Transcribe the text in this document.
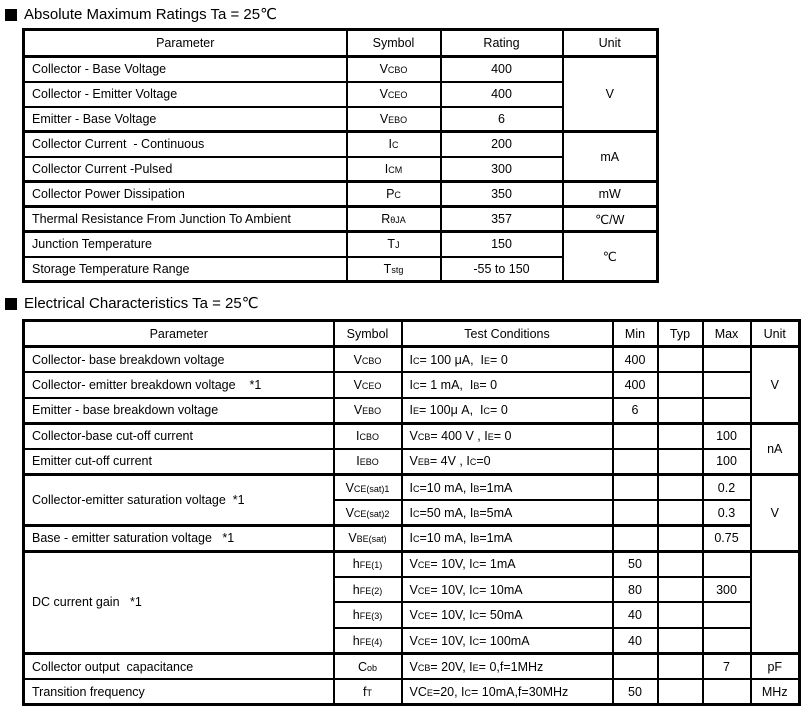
Absolute Maximum Ratings Ta = 25℃
Parameter	Symbol	Rating	Unit
Collector - Base Voltage	VCBO	400	V
Collector - Emitter Voltage	VCEO	400	
Emitter - Base Voltage	VEBO	6	
Collector Current  - Continuous	IC	200	mA
Collector Current -Pulsed	ICM	300	
Collector Power Dissipation	PC	350	mW
Thermal Resistance From Junction To Ambient	RθJA	357	℃/W
Junction Temperature	TJ	150	℃
Storage Temperature Range	Tstg	-55 to 150	
Electrical Characteristics Ta = 25℃
Parameter	Symbol	Test Conditions	Min	Typ	Max	Unit
Collector- base breakdown voltage	VCBO	IC= 100 μA,  IE= 0	400			V
Collector- emitter breakdown voltage    *1	VCEO	IC= 1 mA,  IB= 0	400			
Emitter - base breakdown voltage	VEBO	IE= 100μ A,  IC= 0	6			
Collector-base cut-off current	ICBO	VCB= 400 V , IE= 0			100	nA
Emitter cut-off current	IEBO	VEB= 4V , IC=0			100	
Collector-emitter saturation voltage  *1	VCE(sat)1	IC=10 mA, IB=1mA			0.2	V
	VCE(sat)2	IC=50 mA, IB=5mA			0.3	
Base - emitter saturation voltage   *1	VBE(sat)	IC=10 mA, IB=1mA			0.75	
DC current gain   *1	hFE(1)	VCE= 10V, IC= 1mA	50			
	hFE(2)	VCE= 10V, IC= 10mA	80		300	
	hFE(3)	VCE= 10V, IC= 50mA	40			
	hFE(4)	VCE= 10V, IC= 100mA	40			
Collector output  capacitance	Cob	VCB= 20V, IE= 0,f=1MHz			7	pF
Transition frequency	fT	VCE=20, IC= 10mA,f=30MHz	50			MHz
